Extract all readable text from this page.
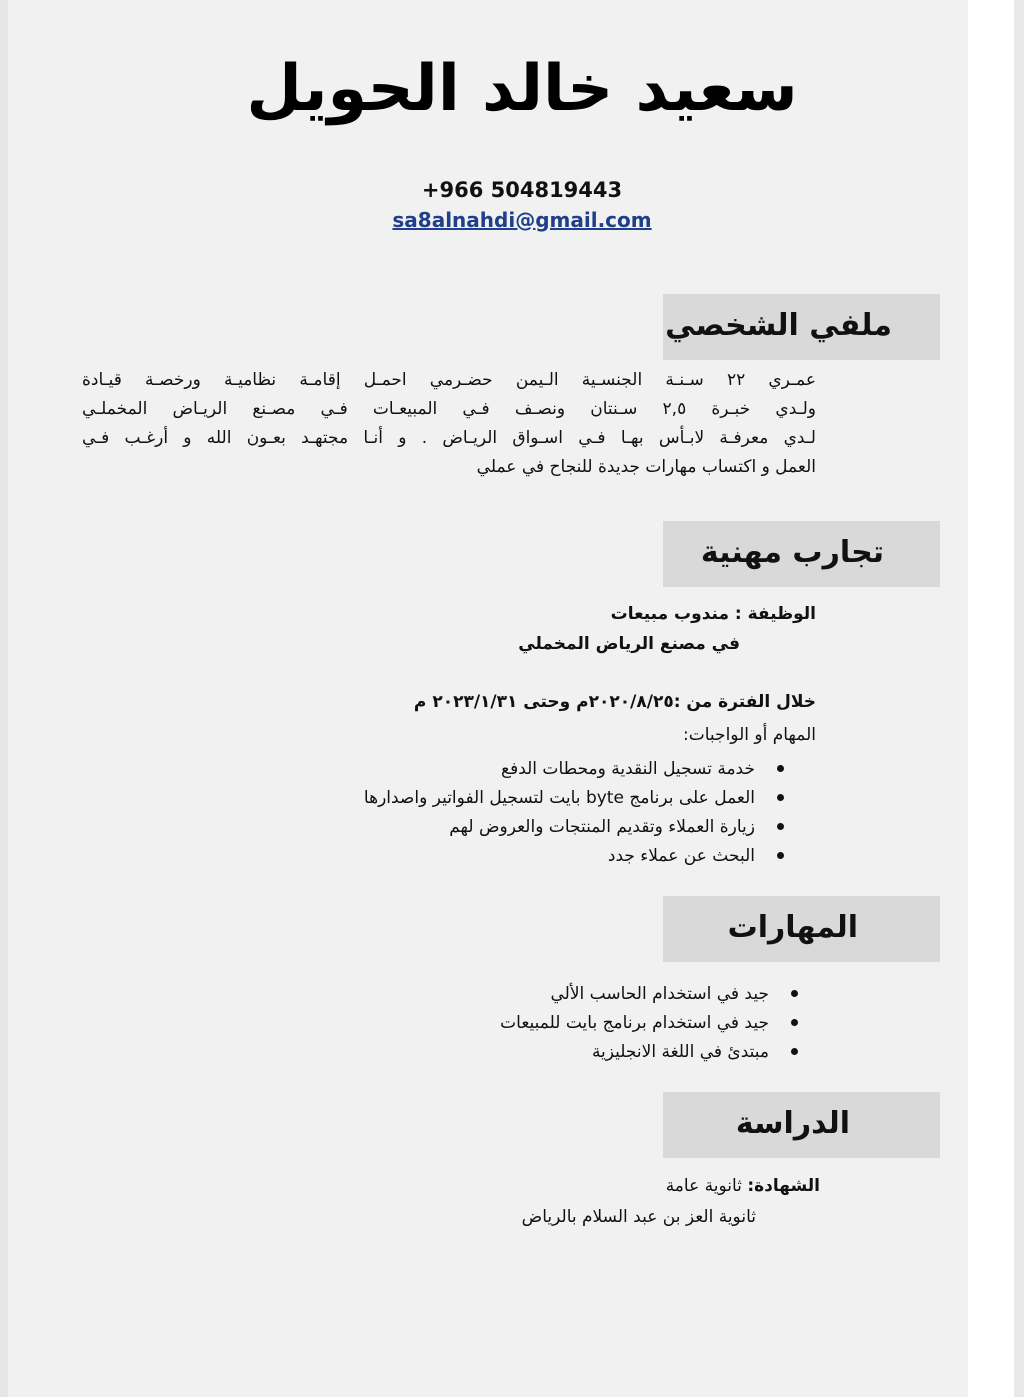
سعيد خالد الحويل
+966 504819443
sa8alnahdi@gmail.com
ملفي الشخصي
عمـري ٢٢ سـنـة الجنسـية الـيمن حضـرمي احمـل إقامـة نظاميـة ورخصـة قيـادة
ولـدي خبـرة ٢,٥ سـنتان ونصـف فـي المبيعـات فـي مصـنع الريـاض المخملـي
لـدي معرفـة لابـأس بهـا فـي اسـواق الريـاض . و أنـا مجتهـد بعـون الله و أرغـب فـي
العمل و اكتساب مهارات جديدة للنجاح في عملي
تجارب مهنية
الوظيفة : مندوب مبيعات
في مصنع الرياض المخملي
خلال الفترة من :٢٠٢٠/٨/٢٥م وحتى ٢٠٢٣/١/٣١ م
المهام أو الواجبات:
خدمة تسجيل النقدية ومحطات الدفع
العمل على برنامج byte بايت لتسجيل الفواتير واصدارها
زيارة العملاء وتقديم المنتجات والعروض لهم
البحث عن عملاء جدد
المهارات
جيد في استخدام الحاسب الألي
جيد في استخدام برنامج بايت للمبيعات
مبتدئ في اللغة الانجليزية
الدراسة
الشهادة: ثانوية عامة
ثانوية العز بن عبد السلام بالرياض
